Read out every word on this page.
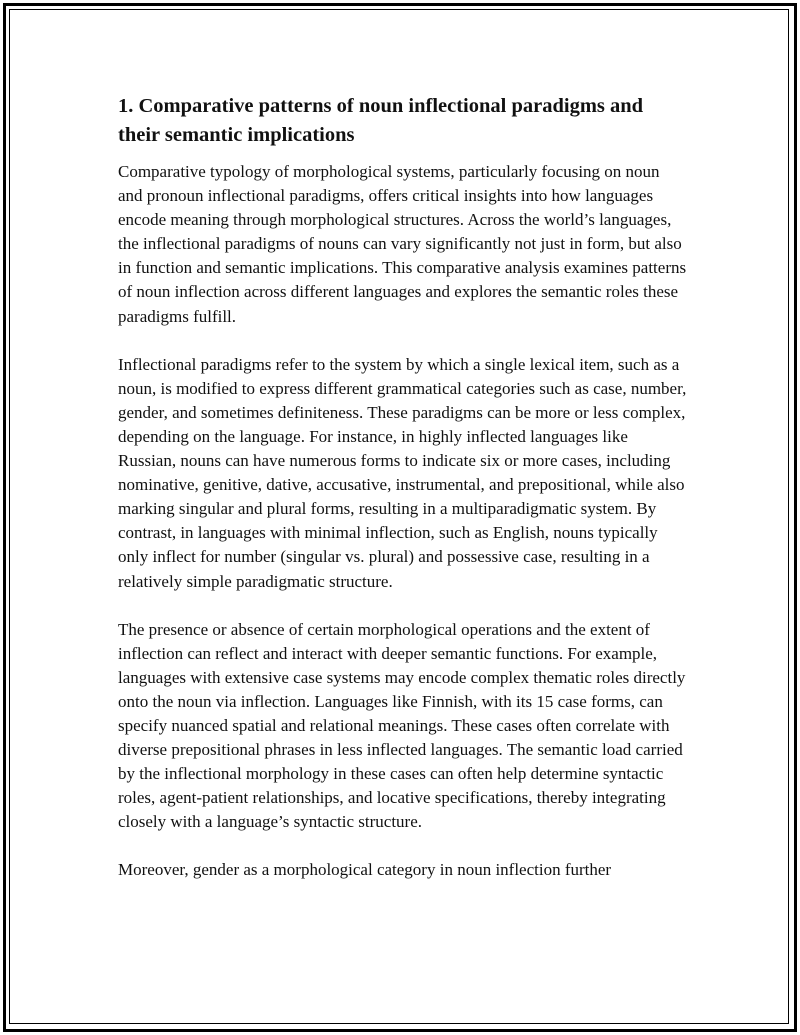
1. Comparative patterns of noun inflectional paradigms and their semantic implications

Comparative typology of morphological systems, particularly focusing on noun and pronoun inflectional paradigms, offers critical insights into how languages encode meaning through morphological structures. Across the world’s languages, the inflectional paradigms of nouns can vary significantly not just in form, but also in function and semantic implications. This comparative analysis examines patterns of noun inflection across different languages and explores the semantic roles these paradigms fulfill.

Inflectional paradigms refer to the system by which a single lexical item, such as a noun, is modified to express different grammatical categories such as case, number, gender, and sometimes definiteness. These paradigms can be more or less complex, depending on the language. For instance, in highly inflected languages like Russian, nouns can have numerous forms to indicate six or more cases, including nominative, genitive, dative, accusative, instrumental, and prepositional, while also marking singular and plural forms, resulting in a multiparadigmatic system. By contrast, in languages with minimal inflection, such as English, nouns typically only inflect for number (singular vs. plural) and possessive case, resulting in a relatively simple paradigmatic structure.

The presence or absence of certain morphological operations and the extent of inflection can reflect and interact with deeper semantic functions. For example, languages with extensive case systems may encode complex thematic roles directly onto the noun via inflection. Languages like Finnish, with its 15 case forms, can specify nuanced spatial and relational meanings. These cases often correlate with diverse prepositional phrases in less inflected languages. The semantic load carried by the inflectional morphology in these cases can often help determine syntactic roles, agent-patient relationships, and locative specifications, thereby integrating closely with a language’s syntactic structure.

Moreover, gender as a morphological category in noun inflection further
